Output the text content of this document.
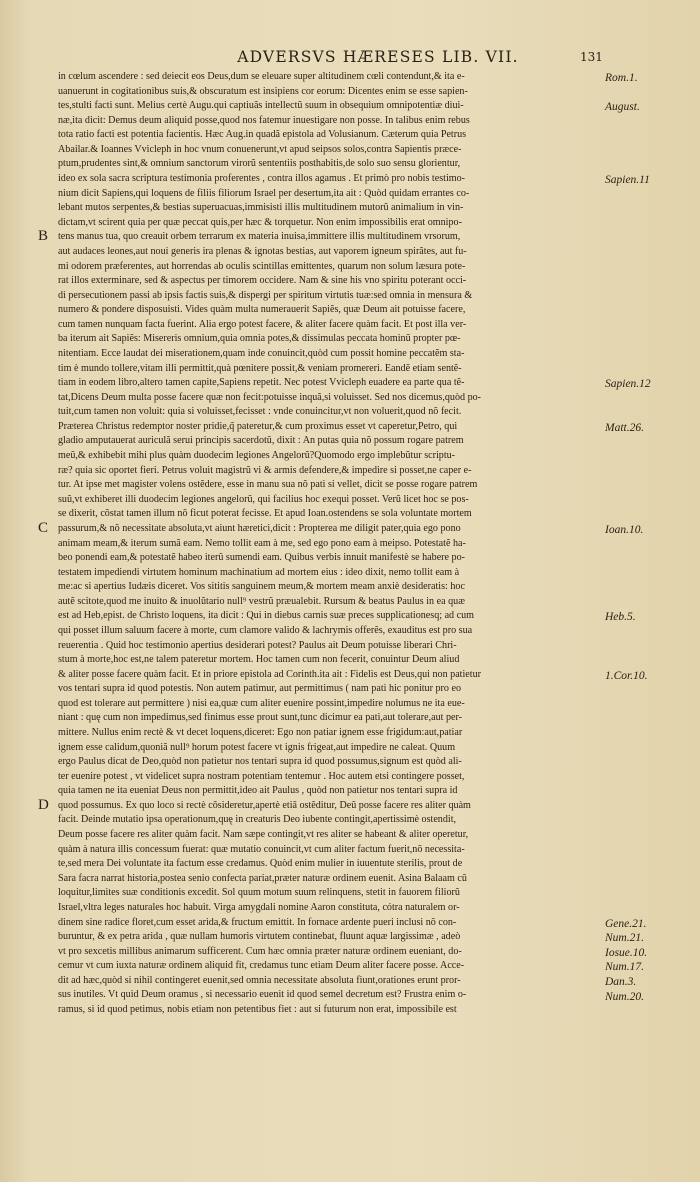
ADVERSVS HÆRESES LIB. VII.	131
in cœlum ascendere : sed deiecit eos Deus,dum se eleuare super altitudinem cœli contendunt,& ita e-
uanuerunt in cogitationibus suis,& obscuratum est insipiens cor eorum: Dicentes enim se esse sapien-
tes,stulti facti sunt. Melius certè Augu.qui captiuãs intellectũ suum in obsequium omnipotentiæ diui-
næ,ita dicit: Demus deum aliquid posse,quod nos fatemur inuestigare non posse. In talibus enim rebus
tota ratio facti est potentia facientis. Hæc Aug.in quadã epistola ad Volusianum. Cæterum quia Petrus
Abailar.& Ioannes Vvicleph in hoc vnum conuenerunt,vt apud seipsos solos,contra Sapientis præce-
ptum,prudentes sint,& omnium sanctorum virorũ sententiis posthabitis,de solo suo sensu glorientur,
ideo ex sola sacra scriptura testimonia proferentes , contra illos agamus . Et primò pro nobis testimo-
nium dicit Sapiens,qui loquens de filiis filiorum Israel per desertum,ita ait : Quòd quidam errantes co-
lebant mutos serpentes,& bestias superuacuas,immisisti illis multitudinem mutorũ animalium in vin-
dictam,vt scirent quia per quæ peccat quis,per hæc & torquetur. Non enim impossibilis erat omnipo-
tens manus tua, quo creauit orbem terrarum ex materia inuisa,immittere illis multitudinem vrsorum,
aut audaces leones,aut noui generis ira plenas & ignotas bestias, aut vaporem igneum spirãtes, aut fu-
mi odorem præferentes, aut horrendas ab oculis scintillas emittentes, quarum non solum læsura pote-
rat illos exterminare, sed & aspectus per timorem occidere. Nam & sine his vno spiritu poterant occi-
di persecutionem passi ab ipsis factis suis,& dispergi per spiritum virtutis tuæ:sed omnia in mensura &
numero & pondere disposuisti. Vides quàm multa numerauerit Sapiẽs, quæ Deum ait potuisse facere,
cum tamen nunquam facta fuerint. Alia ergo potest facere, & aliter facere quàm facit. Et post illa ver-
ba iterum ait Sapiẽs: Misereris omnium,quia omnia potes,& dissimulas peccata hominũ propter pœ-
nitentiam. Ecce laudat dei miserationem,quam inde conuincit,quòd cum possit homine peccatẽm sta-
tim è mundo tollere,vitam illi permittit,quà pœnitere possit,& veniam promereri. Eandẽ etiam sentẽ-
tiam in eodem libro,altero tamen capite,Sapiens repetit. Nec potest Vvicleph euadere ea parte qua tẽ-
tat,Dicens Deum multa posse facere quæ non fecit:potuisse inquã,si voluisset. Sed nos dicemus,quòd po-
tuit,cum tamen non voluit: quia si voluisset,fecisset : vnde conuincitur,vt non voluerit,quod nõ fecit.
Præterea Christus redemptor noster pridie,q̃ pateretur,& cum proximus esset vt caperetur,Petro, qui
gladio amputauerat auriculã serui principis sacerdotũ, dixit : An putas quia nõ possum rogare patrem
meũ,& exhibebit mihi plus quàm duodecim legiones Angelorũ?Quomodo ergo implebũtur scriptu-
ræ? quia sic oportet fieri. Petrus voluit magistrũ vi & armis defendere,& impedire si posset,ne caper e-
tur. At ipse met magister volens ostẽdere, esse in manu sua nõ pati si vellet, dicit se posse rogare patrem
suũ,vt exhiberet illi duodecim legiones angelorũ, qui facilius hoc exequi posset. Verũ licet hoc se pos-
se dixerit, cõstat tamen illum nõ ficut poterat fecisse. Et apud Ioan.ostendens se sola voluntate mortem
passurum,& nõ necessitate absoluta,vt aiunt hæretici,dicit : Propterea me diligit pater,quia ego pono
animam meam,& iterum sumã eam. Nemo tollit eam à me, sed ego pono eam à meipso. Potestatẽ ha-
beo ponendi eam,& potestatẽ habeo iterũ sumendi eam. Quibus verbis innuit manifestè se habere po-
testatem impediendi virtutem hominum machinatium ad mortem eius : ideo dixit, nemo tollit eam à
me:ac si apertius Iudæis diceret. Vos sititis sanguinem meum,& mortem meam anxiè desideratis: hoc
autẽ scitote,quod me inuito & inuolũtario null⁹ vestrũ præualebit. Rursum & beatus Paulus in ea quæ
est ad Heb,epist. de Christo loquens, ita dicit : Qui in diebus carnis suæ preces supplicationesq; ad cum
qui posset illum saluum facere à morte, cum clamore valido & lachrymis offerẽs, exauditus est pro sua
reuerentia . Quid hoc testimonio apertius desiderari potest? Paulus ait Deum potuisse liberari Chri-
stum à morte,hoc est,ne talem pateretur mortem. Hoc tamen cum non fecerit, conuintur Deum aliud
& aliter posse facere quàm facit. Et in priore epistola ad Corinth.ita ait : Fidelis est Deus,qui non patietur
vos tentari supra id quod potestis. Non autem patimur, aut permittimus ( nam pati hic ponitur pro eo
quod est tolerare aut permittere ) nisi ea,quæ cum aliter euenire possint,impedire nolumus ne ita eue-
niant : quę cum non impedimus,sed finimus esse prout sunt,tunc dicimur ea pati,aut tolerare,aut per-
mittere. Nullus enim rectè & vt decet loquens,diceret: Ego non patiar ignem esse frigidum:aut,patiar
ignem esse calidum,quoniã null⁹ horum potest facere vt ignis frigeat,aut impedire ne caleat. Quum
ergo Paulus dicat de Deo,quòd non patietur nos tentari supra id quod possumus,signum est quòd ali-
ter euenire potest , vt videlicet supra nostram potentiam tentemur . Hoc autem etsi contingere posset,
quia tamen ne ita eueniat Deus non permittit,ideo ait Paulus , quòd non patietur nos tentari supra id
quod possumus. Ex quo loco si rectè cõsideretur,apertè etiã ostẽditur, Deũ posse facere res aliter quàm
facit. Deinde mutatio ipsa operationum,quę in creaturis Deo iubente contingit,apertissimè ostendit,
Deum posse facere res aliter quàm facit. Nam sæpe contingit,vt res aliter se habeant & aliter operetur,
quàm à natura illis concessum fuerat: quæ mutatio conuincit,vt cum aliter factum fuerit,nõ necessita-
te,sed mera Dei voluntate ita factum esse credamus. Quòd enim mulier in iuuentute sterilis, prout de
Sara facra narrat historia,postea senio confecta pariat,præter naturæ ordinem euenit. Asina Balaam cũ
loquitur,limites suæ conditionis excedit. Sol quum motum suum relinquens, stetit in fauorem filiorũ
Israel,vltra leges naturales hoc habuit. Virga amygdali nomine Aaron constituta, cótra naturalem or-
dinem sine radice floret,cum esset arida,& fructum emittit. In fornace ardente pueri inclusi nõ con-
buruntur, & ex petra arida , quæ nullam humoris virtutem continebat, fluunt aquæ largissimæ , adeò
vt pro sexcetis millibus animarum sufficerent. Cum hæc omnia præter naturæ ordinem eueniant, do-
cemur vt cum iuxta naturæ ordinem aliquid fit, credamus tunc etiam Deum aliter facere posse. Acce-
dit ad hæc,quòd si nihil contingeret euenit,sed omnia necessitate absoluta fiunt,orationes erunt pror-
sus inutiles. Vt quid Deum oramus , si necessario euenit id quod semel decretum est? Frustra enim o-
ramus, si id quod petimus, nobis etiam non petentibus fiet : aut si futurum non erat, impossibile est
Rom.1.
August.
Sapien.11
Sapien.12
Matt.26.
Ioan.10.
Heb.5.
1.Cor.10.
Gene.21.
Num.21.
Iosue.10.
Num.17.
Dan.3.
Num.20.
B
C
D
